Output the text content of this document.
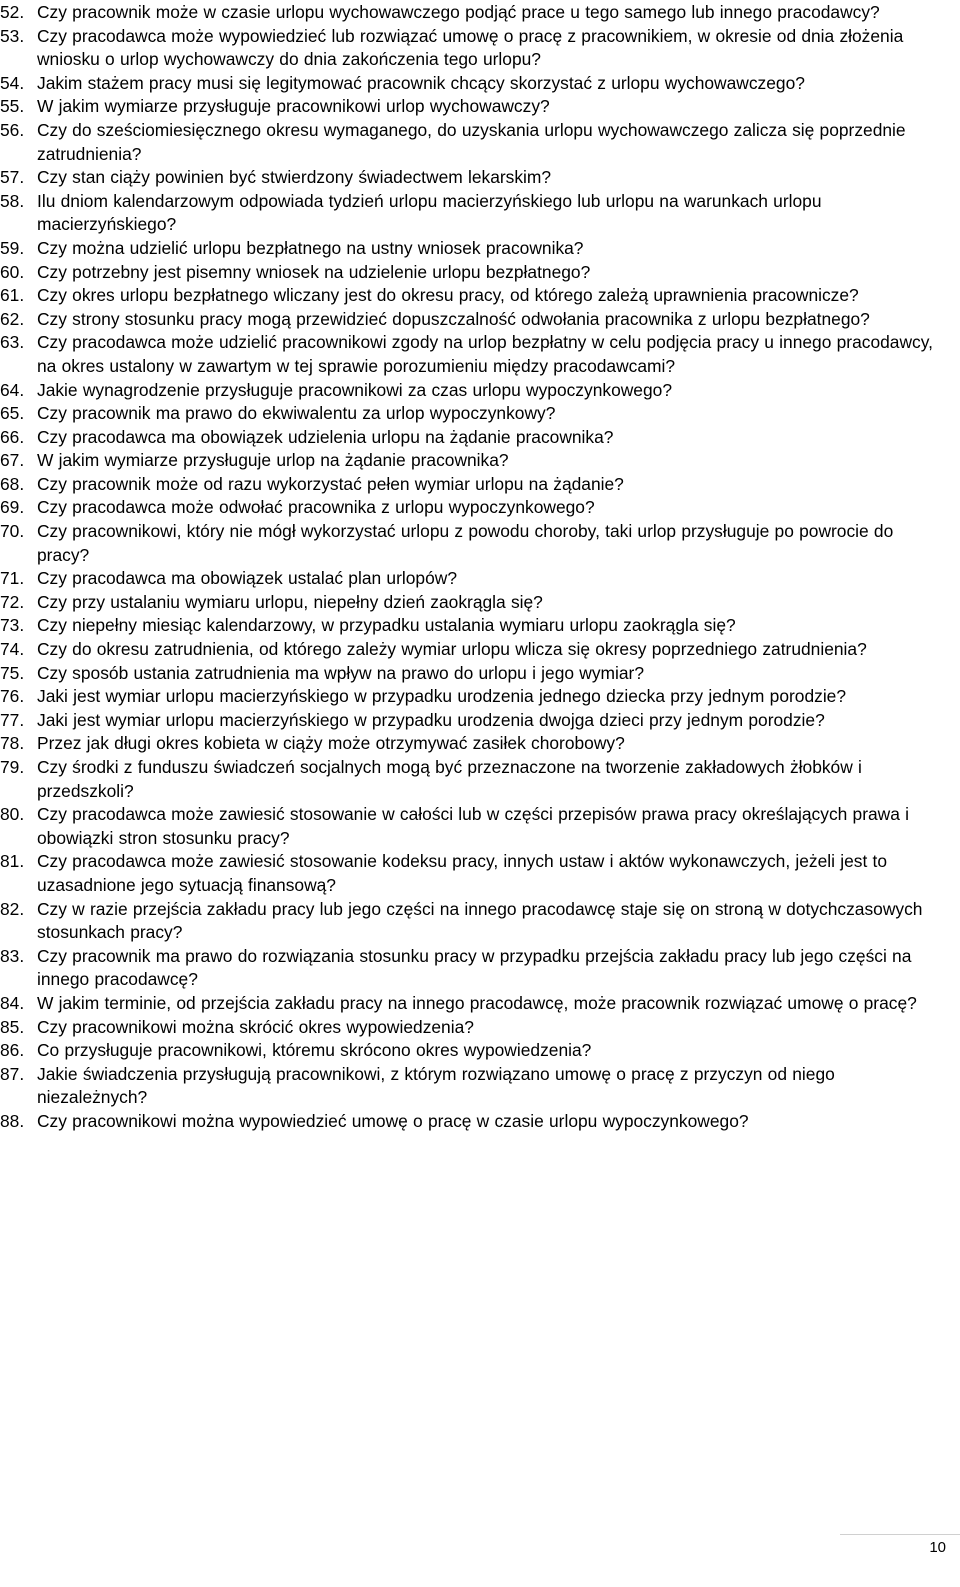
52. Czy pracownik może w czasie urlopu wychowawczego podjąć prace u tego samego lub innego pracodawcy?
53. Czy pracodawca może wypowiedzieć lub rozwiązać umowę o pracę z pracownikiem, w okresie od dnia złożenia wniosku o urlop wychowawczy do dnia zakończenia tego urlopu?
54. Jakim stażem pracy musi się legitymować pracownik chcący skorzystać z urlopu wychowawczego?
55. W jakim wymiarze przysługuje pracownikowi urlop wychowawczy?
56. Czy do sześciomiesięcznego okresu wymaganego, do uzyskania urlopu wychowawczego zalicza się poprzednie zatrudnienia?
57. Czy stan ciąży powinien być stwierdzony świadectwem lekarskim?
58. Ilu dniom kalendarzowym odpowiada tydzień urlopu macierzyńskiego lub urlopu na warunkach urlopu macierzyńskiego?
59. Czy można udzielić urlopu bezpłatnego na ustny wniosek pracownika?
60. Czy potrzebny jest pisemny wniosek na udzielenie urlopu bezpłatnego?
61. Czy okres urlopu bezpłatnego wliczany jest do okresu pracy, od którego zależą uprawnienia pracownicze?
62. Czy strony stosunku pracy mogą przewidzieć dopuszczalność odwołania pracownika z urlopu bezpłatnego?
63. Czy pracodawca może udzielić pracownikowi zgody na urlop bezpłatny w celu podjęcia pracy u innego pracodawcy, na okres ustalony w zawartym w tej sprawie porozumieniu między pracodawcami?
64. Jakie wynagrodzenie przysługuje pracownikowi za czas urlopu wypoczynkowego?
65. Czy pracownik ma prawo do ekwiwalentu za urlop wypoczynkowy?
66. Czy pracodawca ma obowiązek udzielenia urlopu na żądanie pracownika?
67. W jakim wymiarze przysługuje urlop na żądanie pracownika?
68. Czy pracownik może od razu wykorzystać pełen wymiar urlopu na żądanie?
69. Czy pracodawca może odwołać pracownika z urlopu wypoczynkowego?
70. Czy pracownikowi, który nie mógł wykorzystać urlopu z powodu choroby, taki urlop przysługuje po powrocie do pracy?
71. Czy pracodawca ma obowiązek ustalać plan urlopów?
72. Czy przy ustalaniu wymiaru urlopu, niepełny dzień zaokrągla się?
73. Czy niepełny miesiąc kalendarzowy, w przypadku ustalania wymiaru urlopu zaokrągla się?
74. Czy do okresu zatrudnienia, od którego zależy wymiar urlopu wlicza się okresy poprzedniego zatrudnienia?
75. Czy sposób ustania zatrudnienia ma wpływ na prawo do urlopu i jego wymiar?
76. Jaki jest wymiar urlopu macierzyńskiego w przypadku urodzenia jednego dziecka przy jednym porodzie?
77. Jaki jest wymiar urlopu macierzyńskiego w przypadku urodzenia dwojga dzieci przy jednym porodzie?
78. Przez jak długi okres kobieta w ciąży może otrzymywać zasiłek chorobowy?
79. Czy środki z funduszu świadczeń socjalnych mogą być przeznaczone na tworzenie zakładowych żłobków i przedszkoli?
80. Czy pracodawca może zawiesić stosowanie w całości lub w części przepisów prawa pracy określających prawa i obowiązki stron stosunku pracy?
81. Czy pracodawca może zawiesić stosowanie kodeksu pracy, innych ustaw i aktów wykonawczych, jeżeli jest to uzasadnione jego sytuacją finansową?
82. Czy w razie przejścia zakładu pracy lub jego części na innego pracodawcę staje się on stroną w dotychczasowych stosunkach pracy?
83. Czy pracownik ma prawo do rozwiązania stosunku pracy w przypadku przejścia zakładu pracy lub jego części na innego pracodawcę?
84. W jakim terminie, od przejścia zakładu pracy na innego pracodawcę, może pracownik rozwiązać umowę o pracę?
85. Czy pracownikowi można skrócić okres wypowiedzenia?
86. Co przysługuje pracownikowi, któremu skrócono okres wypowiedzenia?
87. Jakie świadczenia przysługują pracownikowi, z którym rozwiązano umowę o pracę z przyczyn od niego niezależnych?
88. Czy pracownikowi można wypowiedzieć umowę o pracę w czasie urlopu wypoczynkowego?
10
